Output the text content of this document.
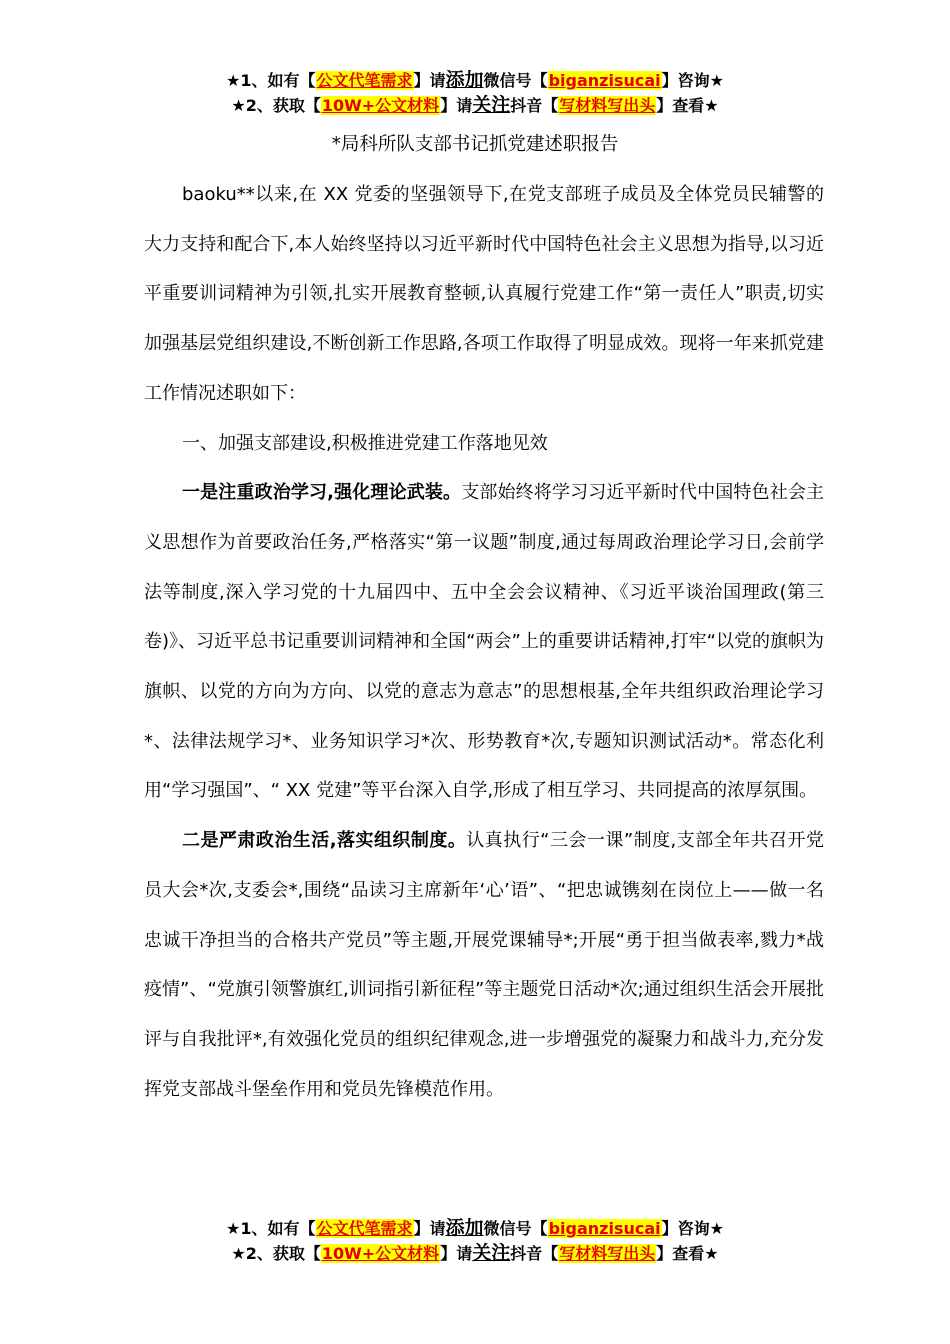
★1、如有【公文代笔需求】请添加微信号【biganzisucai】咨询★
★2、获取【10W+公文材料】请关注抖音【写材料写出头】查看★
*局科所队支部书记抓党建述职报告

baoku**以来,在 XX 党委的坚强领导下,在党支部班子成员及全体党员民辅警的大力支持和配合下,本人始终坚持以习近平新时代中国特色社会主义思想为指导,以习近平重要训词精神为引领,扎实开展教育整顿,认真履行党建工作“第一责任人”职责,切实加强基层党组织建设,不断创新工作思路,各项工作取得了明显成效。现将一年来抓党建工作情况述职如下：

一、加强支部建设,积极推进党建工作落地见效

一是注重政治学习,强化理论武装。支部始终将学习习近平新时代中国特色社会主义思想作为首要政治任务,严格落实“第一议题”制度,通过每周政治理论学习日,会前学法等制度,深入学习党的十九届四中、五中全会会议精神、《习近平谈治国理政(第三卷)》、习近平总书记重要训词精神和全国“两会”上的重要讲话精神,打牢“以党的旗帜为旗帜、以党的方向为方向、以党的意志为意志”的思想根基,全年共组织政治理论学习*、法律法规学习*、业务知识学习*次、形势教育*次,专题知识测试活动*。常态化利用“学习强国”、“ XX 党建”等平台深入自学,形成了相互学习、共同提高的浓厚氛围。

二是严肃政治生活,落实组织制度。认真执行“三会一课”制度,支部全年共召开党员大会*次,支委会*,围绕“品读习主席新年‘心’语”、“把忠诚镌刻在岗位上——做一名忠诚干净担当的合格共产党员”等主题,开展党课辅导*;开展“勇于担当做表率,戮力*战疫情”、“党旗引领警旗红,训词指引新征程”等主题党日活动*次;通过组织生活会开展批评与自我批评*,有效强化党员的组织纪律观念,进一步增强党的凝聚力和战斗力,充分发挥党支部战斗堡垒作用和党员先锋模范作用。

★1、如有【公文代笔需求】请添加微信号【biganzisucai】咨询★
★2、获取【10W+公文材料】请关注抖音【写材料写出头】查看★
